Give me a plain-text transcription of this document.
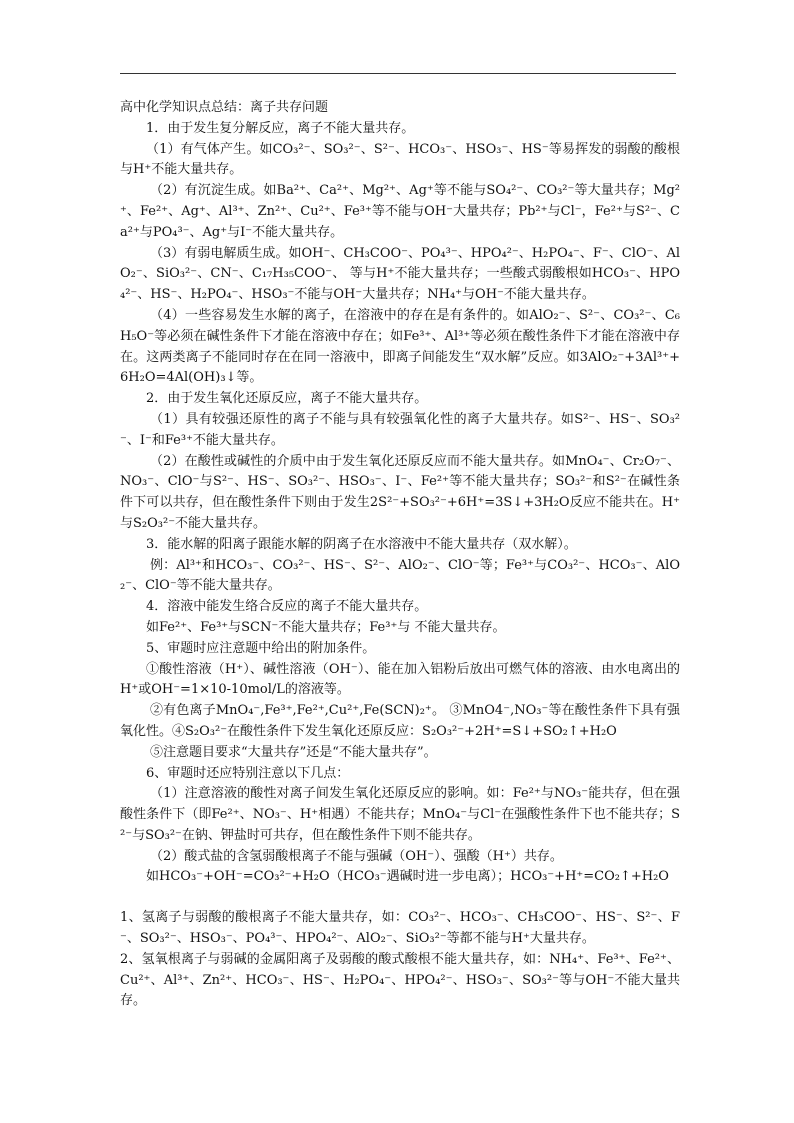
高中化学知识点总结：离子共存问题

1．由于发生复分解反应，离子不能大量共存。

（1）有气体产生。如CO₃²⁻、SO₃²⁻、S²⁻、HCO₃⁻、HSO₃⁻、HS⁻等易挥发的弱酸的酸根与H⁺不能大量共存。

（2）有沉淀生成。如Ba²⁺、Ca²⁺、Mg²⁺、Ag⁺等不能与SO₄²⁻、CO₃²⁻等大量共存；Mg²⁺、Fe²⁺、Ag⁺、Al³⁺、Zn²⁺、Cu²⁺、Fe³⁺等不能与OH⁻大量共存；Pb²⁺与Cl⁻，Fe²⁺与S²⁻、Ca²⁺与PO₄³⁻、Ag⁺与I⁻不能大量共存。

（3）有弱电解质生成。如OH⁻、CH₃COO⁻、PO₄³⁻、HPO₄²⁻、H₂PO₄⁻、F⁻、ClO⁻、AlO₂⁻、SiO₃²⁻、CN⁻、C₁₇H₃₅COO⁻、 等与H⁺不能大量共存；一些酸式弱酸根如HCO₃⁻、HPO₄²⁻、HS⁻、H₂PO₄⁻、HSO₃⁻不能与OH⁻大量共存；NH₄⁺与OH⁻不能大量共存。

（4）一些容易发生水解的离子，在溶液中的存在是有条件的。如AlO₂⁻、S²⁻、CO₃²⁻、C₆H₅O⁻等必须在碱性条件下才能在溶液中存在；如Fe³⁺、Al³⁺等必须在酸性条件下才能在溶液中存在。这两类离子不能同时存在在同一溶液中，即离子间能发生“双水解”反应。如3AlO₂⁻+3Al³⁺+6H₂O=4Al(OH)₃↓等。

2．由于发生氧化还原反应，离子不能大量共存。

（1）具有较强还原性的离子不能与具有较强氧化性的离子大量共存。如S²⁻、HS⁻、SO₃²⁻、I⁻和Fe³⁺不能大量共存。

（2）在酸性或碱性的介质中由于发生氧化还原反应而不能大量共存。如MnO₄⁻、Cr₂O₇⁻、NO₃⁻、ClO⁻与S²⁻、HS⁻、SO₃²⁻、HSO₃⁻、I⁻、Fe²⁺等不能大量共存；SO₃²⁻和S²⁻在碱性条件下可以共存，但在酸性条件下则由于发生2S²⁻+SO₃²⁻+6H⁺=3S↓+3H₂O反应不能共在。H⁺与S₂O₃²⁻不能大量共存。

3．能水解的阳离子跟能水解的阴离子在水溶液中不能大量共存（双水解）。

例：Al³⁺和HCO₃⁻、CO₃²⁻、HS⁻、S²⁻、AlO₂⁻、ClO⁻等；Fe³⁺与CO₃²⁻、HCO₃⁻、AlO₂⁻、ClO⁻等不能大量共存。

4．溶液中能发生络合反应的离子不能大量共存。

如Fe²⁺、Fe³⁺与SCN⁻不能大量共存；Fe³⁺与 不能大量共存。

5、审题时应注意题中给出的附加条件。

①酸性溶液（H⁺）、碱性溶液（OH⁻）、能在加入铝粉后放出可燃气体的溶液、由水电离出的H⁺或OH⁻=1×10-10mol/L的溶液等。

②有色离子MnO₄⁻,Fe³⁺,Fe²⁺,Cu²⁺,Fe(SCN)₂⁺。 ③MnO4⁻,NO₃⁻等在酸性条件下具有强氧化性。④S₂O₃²⁻在酸性条件下发生氧化还原反应：S₂O₃²⁻+2H⁺=S↓+SO₂↑+H₂O

⑤注意题目要求“大量共存”还是“不能大量共存”。

6、审题时还应特别注意以下几点：

（1）注意溶液的酸性对离子间发生氧化还原反应的影响。如：Fe²⁺与NO₃⁻能共存，但在强酸性条件下（即Fe²⁺、NO₃⁻、H⁺相遇）不能共存；MnO₄⁻与Cl⁻在强酸性条件下也不能共存；S²⁻与SO₃²⁻在钠、钾盐时可共存，但在酸性条件下则不能共存。

（2）酸式盐的含氢弱酸根离子不能与强碱（OH⁻）、强酸（H⁺）共存。

如HCO₃⁻+OH⁻=CO₃²⁻+H₂O（HCO₃⁻遇碱时进一步电离）；HCO₃⁻+H⁺=CO₂↑+H₂O

1、氢离子与弱酸的酸根离子不能大量共存，如：CO₃²⁻、HCO₃⁻、CH₃COO⁻、HS⁻、S²⁻、F⁻、SO₃²⁻、HSO₃⁻、PO₄³⁻、HPO₄²⁻、AlO₂⁻、SiO₃²⁻等都不能与H⁺大量共存。

2、氢氧根离子与弱碱的金属阳离子及弱酸的酸式酸根不能大量共存，如：NH₄⁺、Fe³⁺、Fe²⁺、Cu²⁺、Al³⁺、Zn²⁺、HCO₃⁻、HS⁻、H₂PO₄⁻、HPO₄²⁻、HSO₃⁻、SO₃²⁻等与OH⁻不能大量共存。
